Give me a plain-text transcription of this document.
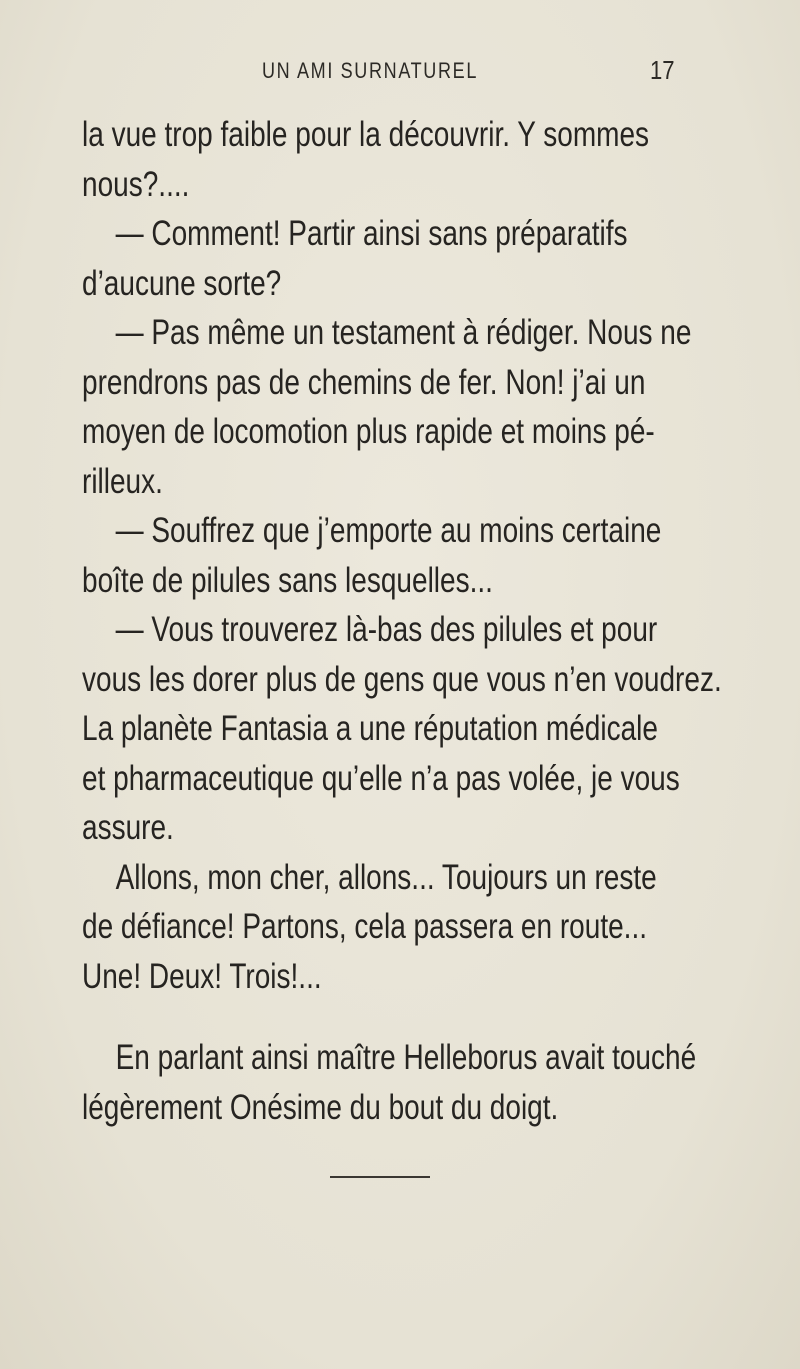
UN AMI SURNATUREL	17
la vue trop faible pour la découvrir. Y sommes
nous?....
— Comment! Partir ainsi sans préparatifs
d’aucune sorte?
— Pas même un testament à rédiger. Nous ne
prendrons pas de chemins de fer. Non! j’ai un
moyen de locomotion plus rapide et moins pé-
rilleux.
— Souffrez que j’emporte au moins certaine
boîte de pilules sans lesquelles...
— Vous trouverez là-bas des pilules et pour
vous les dorer plus de gens que vous n’en voudrez.
La planète Fantasia a une réputation médicale
et pharmaceutique qu’elle n’a pas volée, je vous
assure.
Allons, mon cher, allons... Toujours un reste
de défiance! Partons, cela passera en route...
Une! Deux! Trois!...
En parlant ainsi maître Helleborus avait touché
légèrement Onésime du bout du doigt.
